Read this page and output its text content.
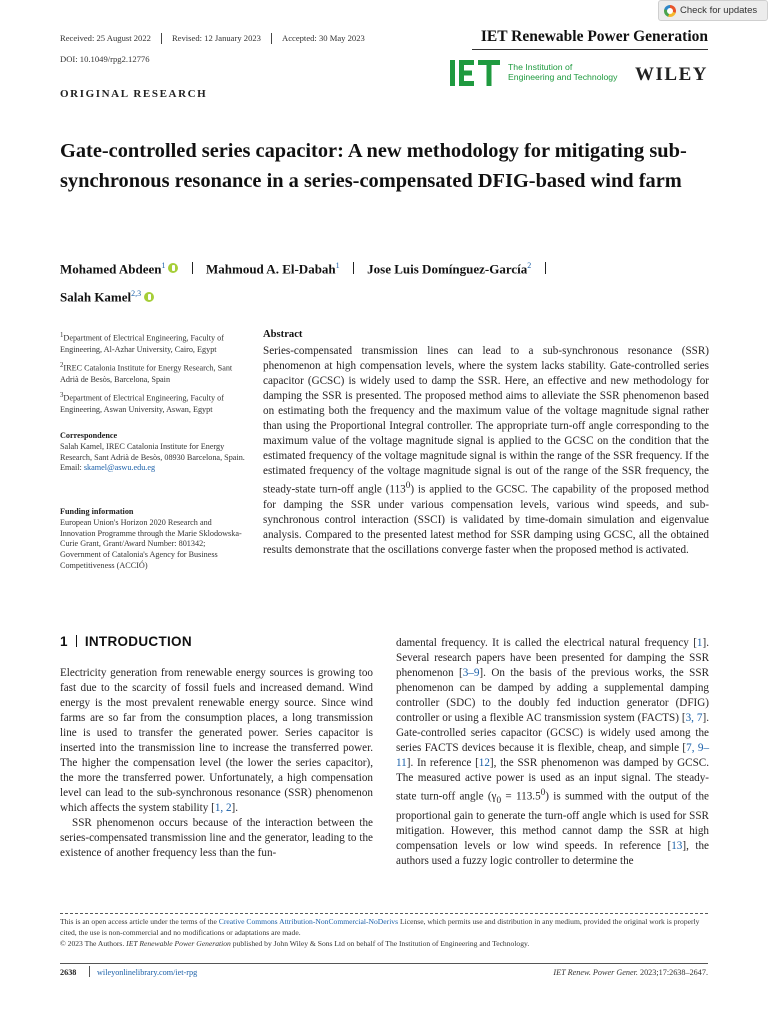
Check for updates
Received: 25 August 2022 Revised: 12 January 2023 Accepted: 30 May 2023
DOI: 10.1049/rpg2.12776
IET Renewable Power Generation
The Institution of
Engineering and Technology WILEY
ORIGINAL RESEARCH
Gate-controlled series capacitor: A new methodology for mitigating sub-synchronous resonance in a series-compensated DFIG-based wind farm
Mohamed Abdeen$^1$	Mahmoud A. El-Dabah$^1$ Jose Luis Domínguez-García$^2$
Salah Kamel$^{2,3}$
$^1$Department of Electrical Engineering, Faculty of Engineering, Al-Azhar University, Cairo, Egypt
$^2$IREC Catalonia Institute for Energy Research, Sant Adrià de Besòs, Barcelona, Spain
$^3$Department of Electrical Engineering, Faculty of Engineering, Aswan University, Aswan, Egypt
Correspondence
Salah Kamel, IREC Catalonia Institute for Energy Research, Sant Adrià de Besòs, 08930 Barcelona, Spain.
Email: skamel@aswu.edu.eg
Funding information
European Union's Horizon 2020 Research and Innovation Programme through the Marie Sklodowska-Curie Grant, Grant/Award Number: 801342; Government of Catalonia's Agency for Business Competitiveness (ACCIÓ)
Abstract
Series-compensated transmission lines can lead to a sub-synchronous resonance (SSR) phenomenon at high compensation levels, where the system lacks stability. Gate-controlled series capacitor (GCSC) is widely used to damp the SSR. Here, an effective and new methodology for damping the SSR is presented. The proposed method aims to alleviate the SSR phenomenon based on estimating both the frequency and the maximum value of the voltage magnitude signal rather than using the Proportional Integral controller. The appropriate turn-off angle corresponding to the maximum value of the voltage magnitude signal is applied to the GCSC on the condition that the estimated frequency of the voltage magnitude signal is within the range of the SSR frequency. If the estimated frequency of the voltage magnitude signal is out of the range of the SSR frequency, the steady-state turn-off angle $(113^0)$ is applied to the GCSC. The capability of the proposed method for damping the SSR under various compensation levels, various wind speeds, and sub-synchronous control interaction (SSCI) is validated by time-domain simulation and eigenvalue analysis. Compared to the presented latest method for SSR damping using GCSC, all the obtained results demonstrate that the oscillations converge faster when the proposed method is activated.
1 INTRODUCTION

Electricity generation from renewable energy sources is growing too fast due to the scarcity of fossil fuels and increased demand. Wind energy is the most prevalent renewable energy source. Since wind farms are so far from the consumption places, a long transmission line is used to transfer the generated power. Series capacitor is inserted into the transmission line to increase the transferred power. The higher the compensation level (the lower the series capacitor), the more the transferred power. Unfortunately, a high compensation level can lead to the sub-synchronous resonance (SSR) phenomenon which affects the system stability [1, 2].

SSR phenomenon occurs because of the interaction between the series-compensated transmission line and the generator, leading to the existence of another frequency less than the fun-

damental frequency. It is called the electrical natural frequency [1]. Several research papers have been presented for damping the SSR phenomenon [3–9]. On the basis of the previous works, the SSR phenomenon can be damped by adding a supplemental damping controller (SDC) to the doubly fed induction generator (DFIG) controller or using a flexible AC transmission system (FACTS) [3, 7]. Gate-controlled series capacitor (GCSC) is widely used among the series FACTS devices because it is flexible, cheap, and simple [7, 9–11]. In reference [12], the SSR phenomenon was damped by GCSC. The measured active power is used as an input signal. The steady-state turn-off angle $(\gamma_0 = 113.5^0)$ is summed with the output of the proportional gain to generate the turn-off angle which is used for SSR mitigation. However, this method cannot damp the SSR at high compensation levels or low wind speeds. In reference [13], the authors used a fuzzy logic controller to determine the

This is an open access article under the terms of the Creative Commons Attribution-NonCommercial-NoDerivs License, which permits use and distribution in any medium, provided the original work is properly cited, the use is non-commercial and no modifications or adaptations are made.
© 2023 The Authors. IET Renewable Power Generation published by John Wiley & Sons Ltd on behalf of The Institution of Engineering and Technology.
2638	wileyonlinelibrary.com/iet-rpg	IET Renew. Power Gener. 2023;17:2638–2647.
